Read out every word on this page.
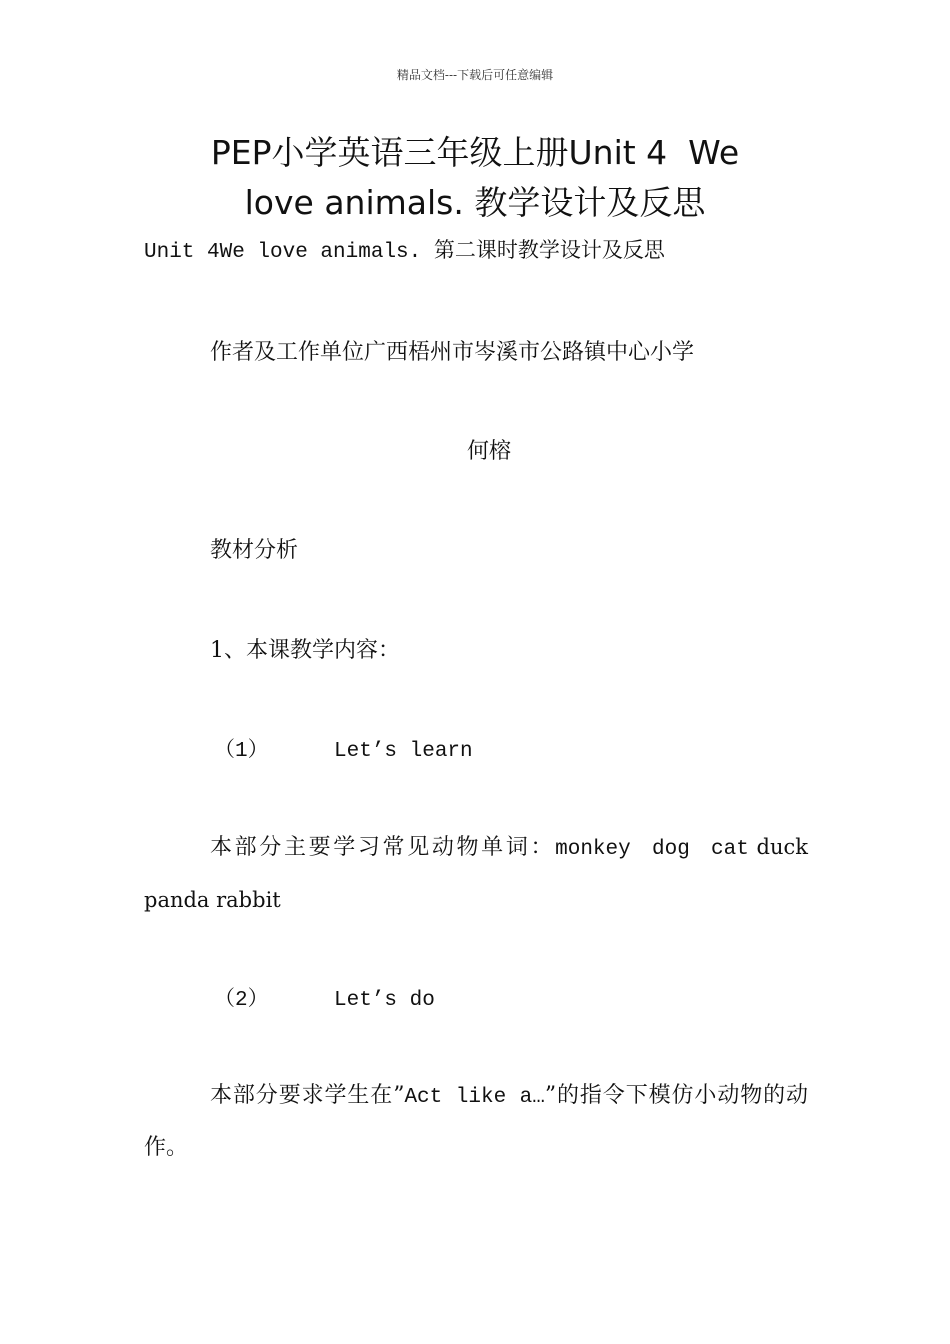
精品文档---下载后可任意编辑
PEP小学英语三年级上册Unit 4  We
love animals. 教学设计及反思
Unit 4We love animals. 第二课时教学设计及反思
作者及工作单位广西梧州市岑溪市公路镇中心小学
何榕
教材分析
1、本课教学内容：
（1）	Let’s learn
本部分主要学习常见动物单词：monkey dog cat duck panda rabbit
（2）	Let’s do
本部分要求学生在”Act like a…”的指令下模仿小动物的动作。
